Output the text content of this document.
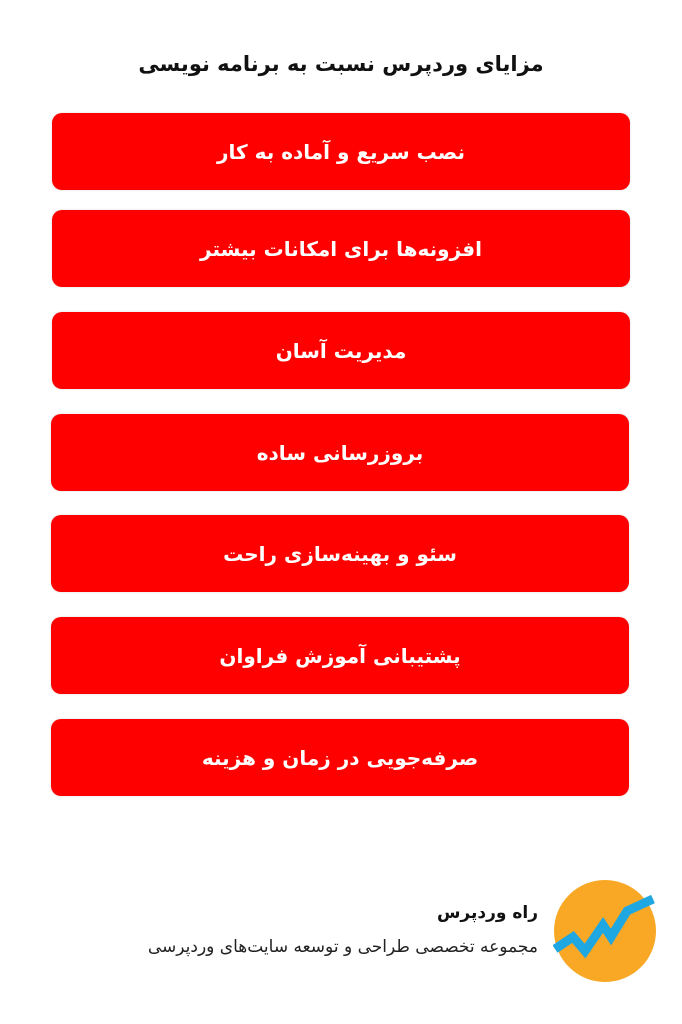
مزایای وردپرس نسبت به برنامه نویسی
نصب سریع و آماده به کار
افزونه‌ها برای امکانات بیشتر
مدیریت آسان
بروزرسانی ساده
سئو و بهینه‌سازی راحت
پشتیبانی آموزش فراوان
صرفه‌جویی در زمان و هزینه
راه وردپرس
مجموعه تخصصی طراحی و توسعه سایت‌های وردپرسی
